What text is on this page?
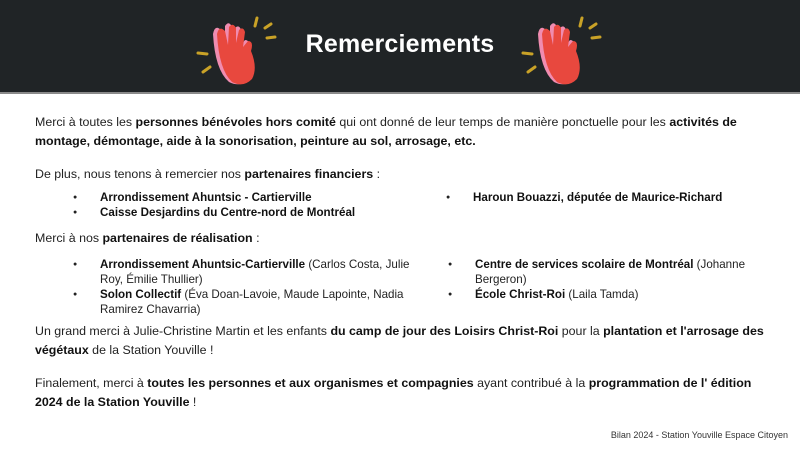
Remerciements

Merci à toutes les personnes bénévoles hors comité qui ont donné de leur temps de manière ponctuelle pour les activités de montage, démontage, aide à la sonorisation, peinture au sol, arrosage, etc.

De plus, nous tenons à remercier nos partenaires financiers :

● Arrondissement Ahuntsic - Cartierville
● Caisse Desjardins du Centre-nord de Montréal
● Haroun Bouazzi, députée de Maurice-Richard

Merci à nos partenaires de réalisation :

● Arrondissement Ahuntsic-Cartierville (Carlos Costa, Julie Roy, Émilie Thullier)
● Solon Collectif (Éva Doan-Lavoie, Maude Lapointe, Nadia Ramirez Chavarria)
● Centre de services scolaire de Montréal (Johanne Bergeron)
● École Christ-Roi (Laila Tamda)

Un grand merci à Julie-Christine Martin et les enfants du camp de jour des Loisirs Christ-Roi pour la plantation et l'arrosage des végétaux de la Station Youville !

Finalement, merci à toutes les personnes et aux organismes et compagnies ayant contribué à la programmation de l' édition 2024 de la Station Youville !

Bilan 2024 - Station Youville Espace Citoyen
